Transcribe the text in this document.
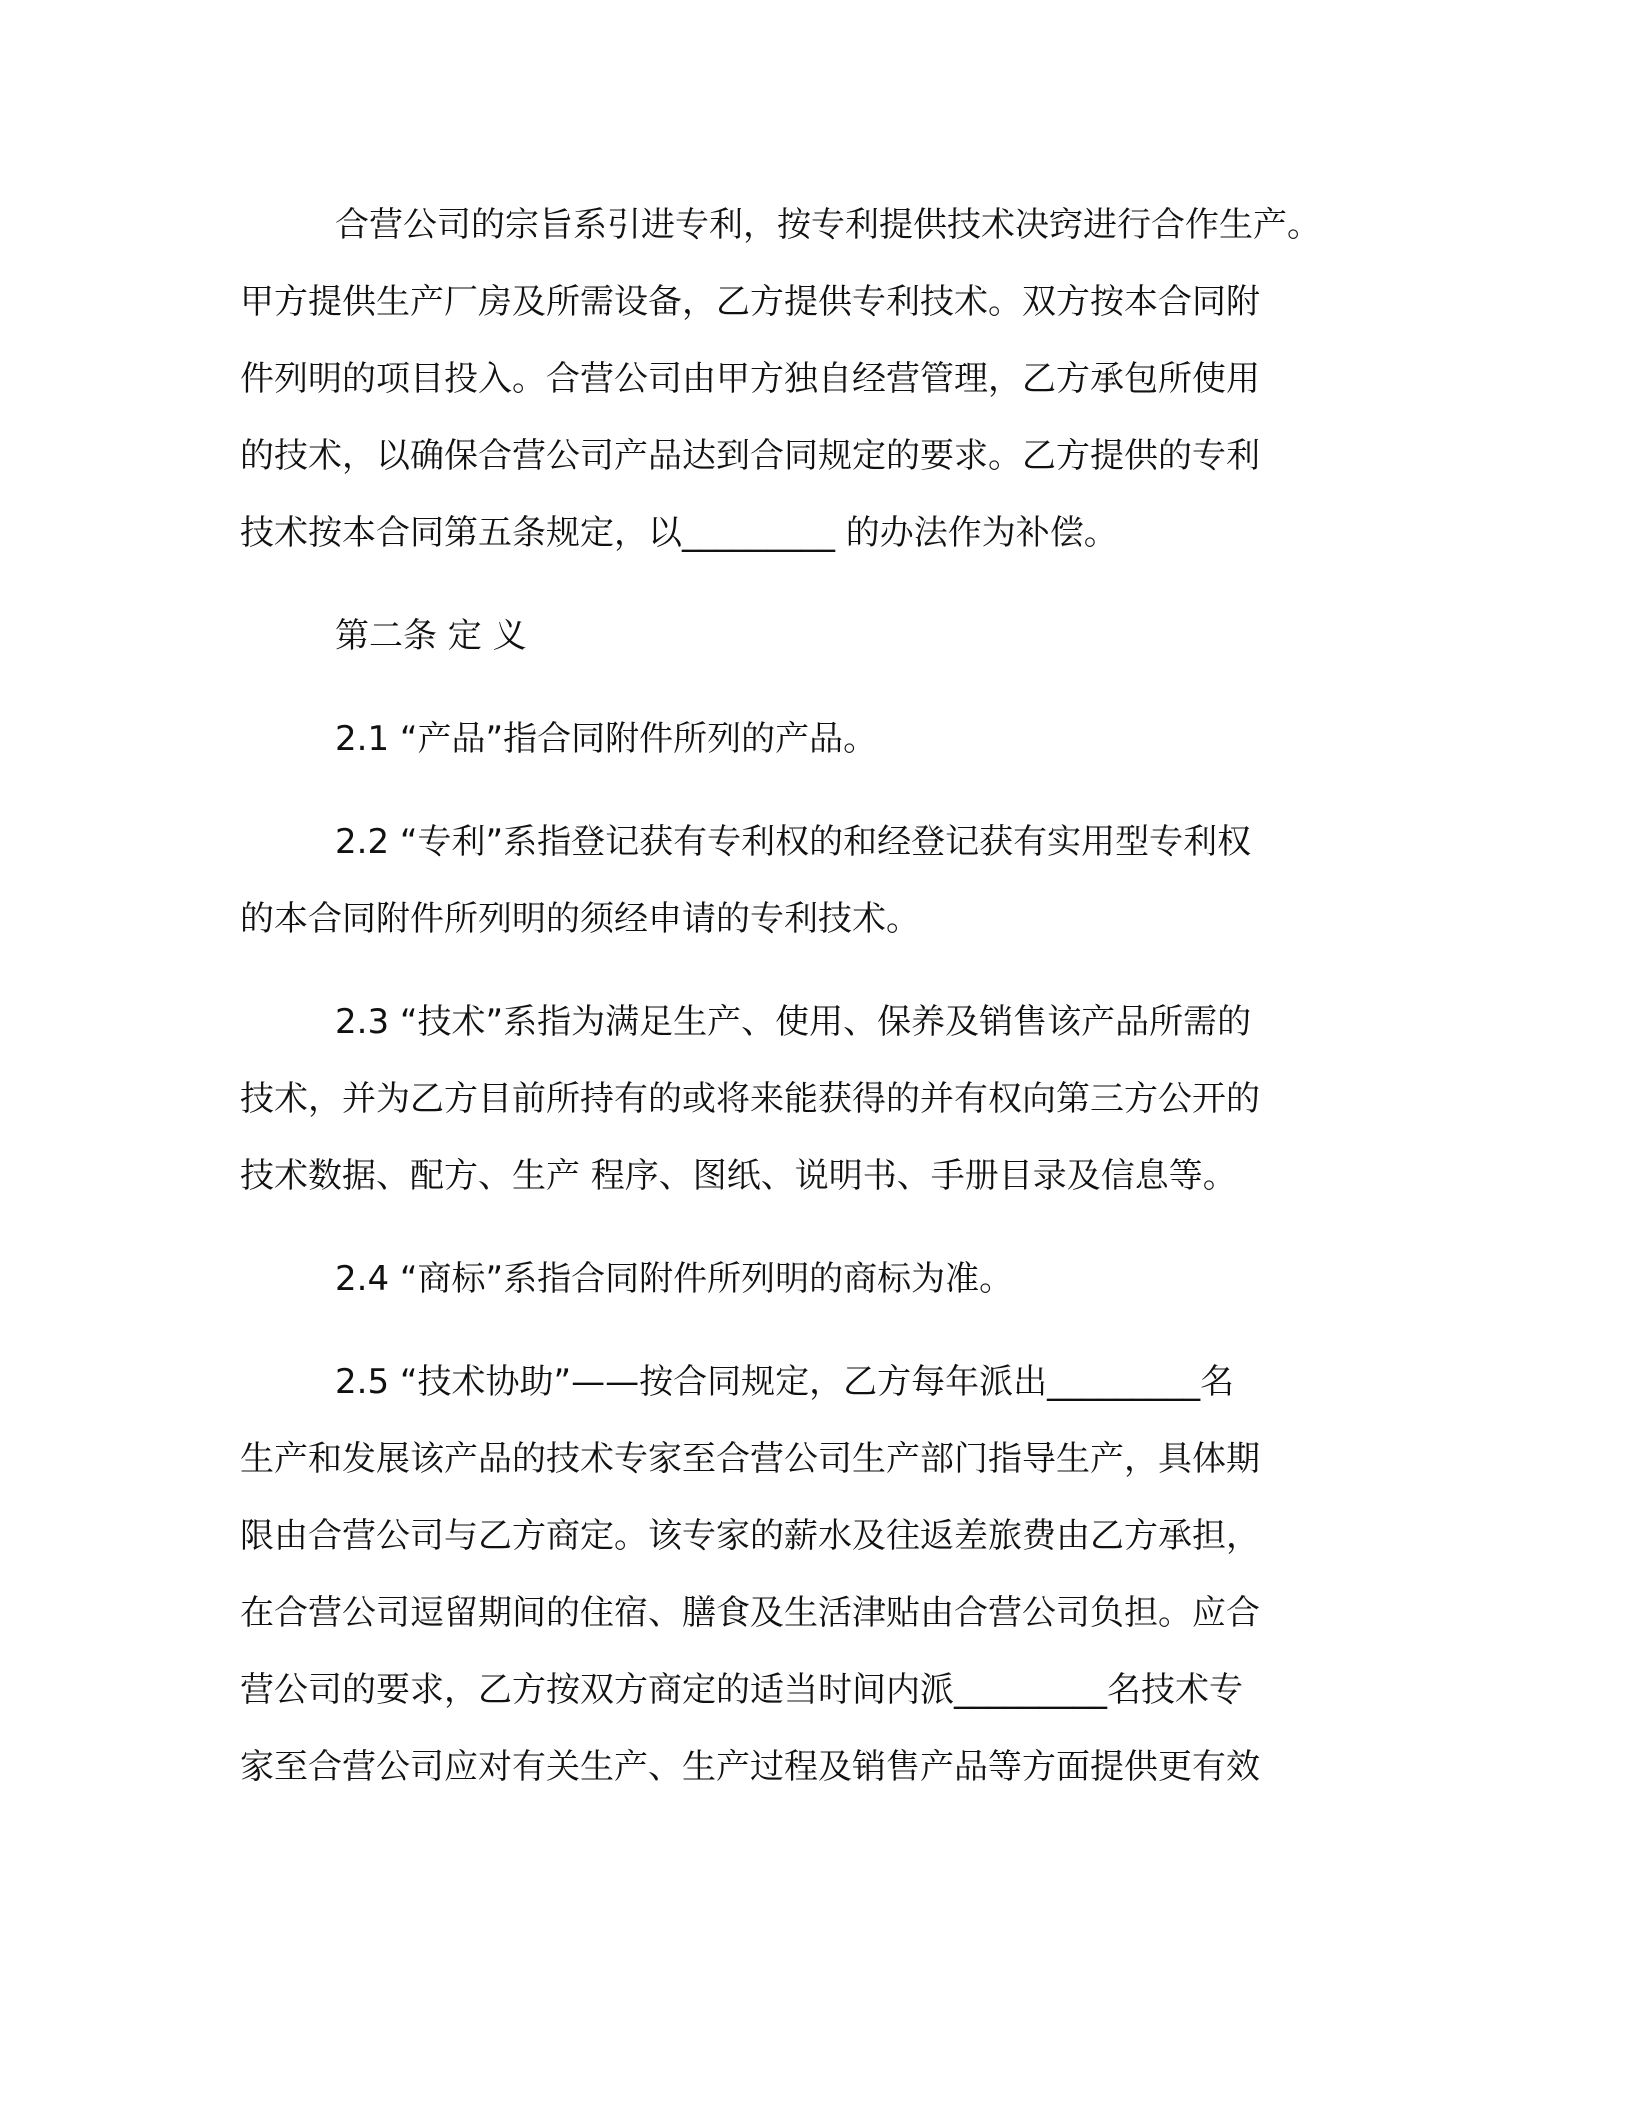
合营公司的宗旨系引进专利，按专利提供技术决窍进行合作生产。
甲方提供生产厂房及所需设备，乙方提供专利技术。双方按本合同附
件列明的项目投入。合营公司由甲方独自经营管理，乙方承包所使用
的技术，以确保合营公司产品达到合同规定的要求。乙方提供的专利
技术按本合同第五条规定，以_________ 的办法作为补偿。
第二条 定 义
2.1 “产品”指合同附件所列的产品。
2.2 “专利”系指登记获有专利权的和经登记获有实用型专利权
的本合同附件所列明的须经申请的专利技术。
2.3 “技术”系指为满足生产、使用、保养及销售该产品所需的
技术，并为乙方目前所持有的或将来能获得的并有权向第三方公开的
技术数据、配方、生产 程序、图纸、说明书、手册目录及信息等。
2.4 “商标”系指合同附件所列明的商标为准。
2.5 “技术协助”——按合同规定，乙方每年派出_________名
生产和发展该产品的技术专家至合营公司生产部门指导生产，具体期
限由合营公司与乙方商定。该专家的薪水及往返差旅费由乙方承担，
在合营公司逗留期间的住宿、膳食及生活津贴由合营公司负担。应合
营公司的要求，乙方按双方商定的适当时间内派_________名技术专
家至合营公司应对有关生产、生产过程及销售产品等方面提供更有效
